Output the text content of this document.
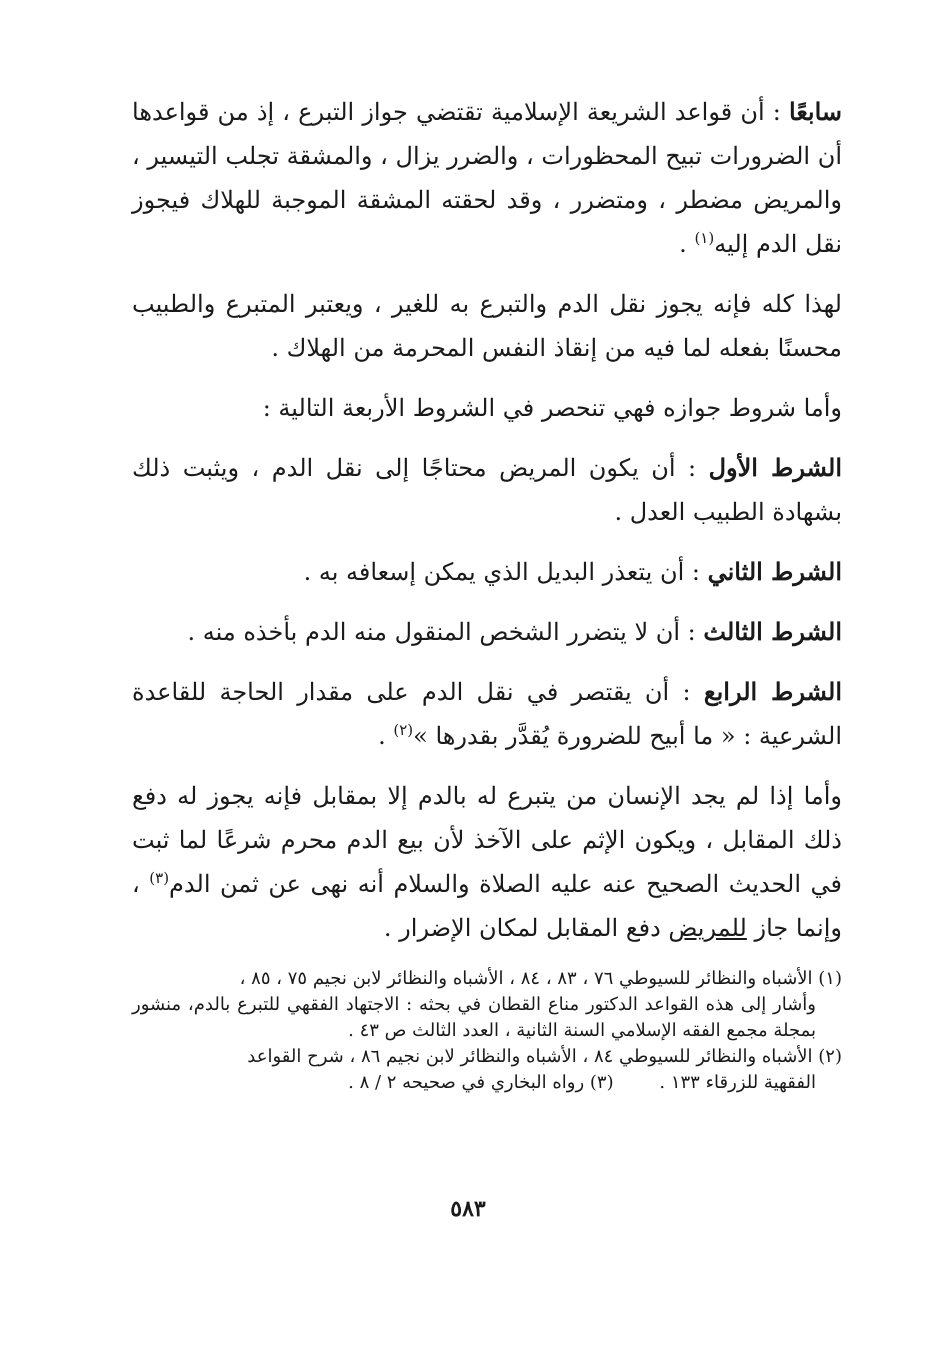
سابعًا : أن قواعد الشريعة الإسلامية تقتضي جواز التبرع ، إذ من قواعدها أن الضرورات تبيح المحظورات ، والضرر يزال ، والمشقة تجلب التيسير ، والمريض مضطر ، ومتضرر ، وقد لحقته المشقة الموجبة للهلاك فيجوز نقل الدم إليه$^{(١)}$ .

لهذا كله فإنه يجوز نقل الدم والتبرع به للغير ، ويعتبر المتبرع والطبيب محسنًا بفعله لما فيه من إنقاذ النفس المحرمة من الهلاك .

وأما شروط جوازه فهي تنحصر في الشروط الأربعة التالية :

الشرط الأول : أن يكون المريض محتاجًا إلى نقل الدم ، ويثبت ذلك بشهادة الطبيب العدل .

الشرط الثاني : أن يتعذر البديل الذي يمكن إسعافه به .

الشرط الثالث : أن لا يتضرر الشخص المنقول منه الدم بأخذه منه .

الشرط الرابع : أن يقتصر في نقل الدم على مقدار الحاجة للقاعدة الشرعية : « ما أبيح للضرورة يُقدَّر بقدرها »$^{(٢)}$ .

وأما إذا لم يجد الإنسان من يتبرع له بالدم إلا بمقابل فإنه يجوز له دفع ذلك المقابل ، ويكون الإثم على الآخذ لأن بيع الدم محرم شرعًا لما ثبت في الحديث الصحيح عنه عليه الصلاة والسلام أنه نهى عن ثمن الدم$^{(٣)}$ ، وإنما جاز للمريض دفع المقابل لمكان الإضرار .

(١) الأشباه والنظائر للسيوطي ٧٦ ، ٨٣ ، ٨٤ ، الأشباه والنظائر لابن نجيم ٧٥ ، ٨٥ ،

وأشار إلى هذه القواعد الدكتور مناع القطان في بحثه : الاجتهاد الفقهي للتبرع بالدم، منشور بمجلة مجمع الفقه الإسلامي السنة الثانية ، العدد الثالث ص ٤٣ .

(٢) الأشباه والنظائر للسيوطي ٨٤ ، الأشباه والنظائر لابن نجيم ٨٦ ، شرح القواعد

الفقهية للزرقاء ١٣٣ .        (٣) رواه البخاري في صحيحه ٢ / ٨ .

٥٨٣
